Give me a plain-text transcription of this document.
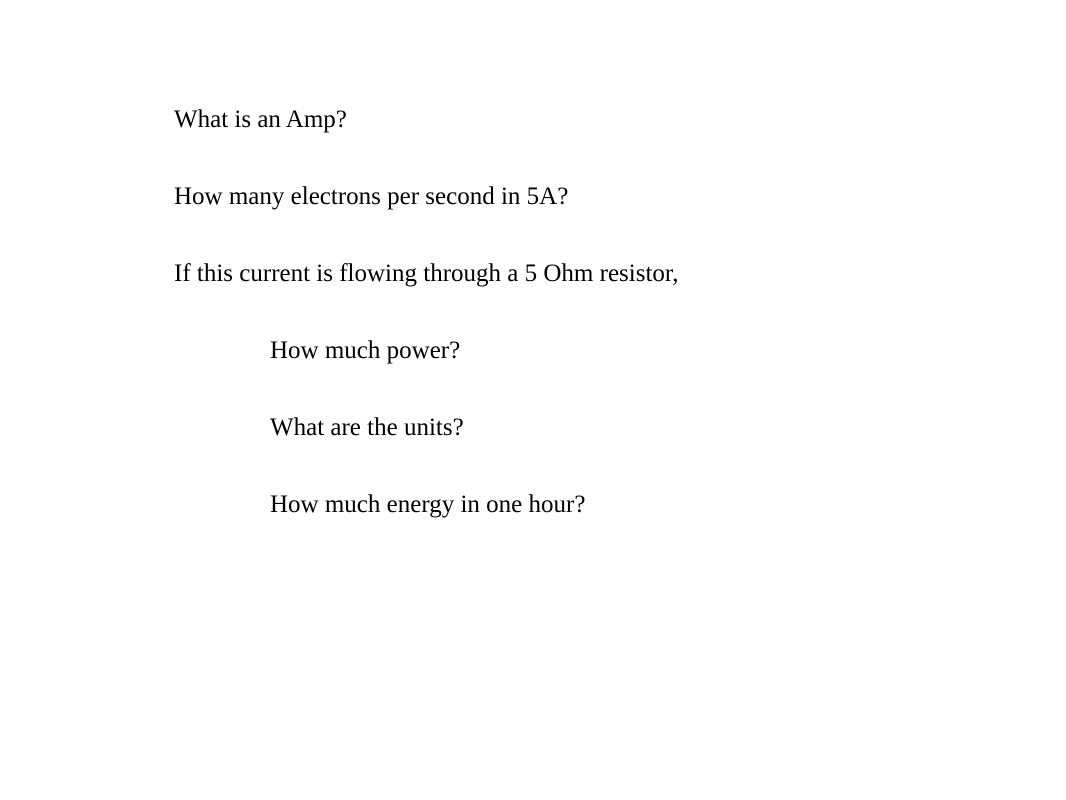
What is an Amp?

How many electrons per second in 5A?

If this current is flowing through a 5 Ohm resistor,

How much power?

What are the units?

How much energy in one hour?
